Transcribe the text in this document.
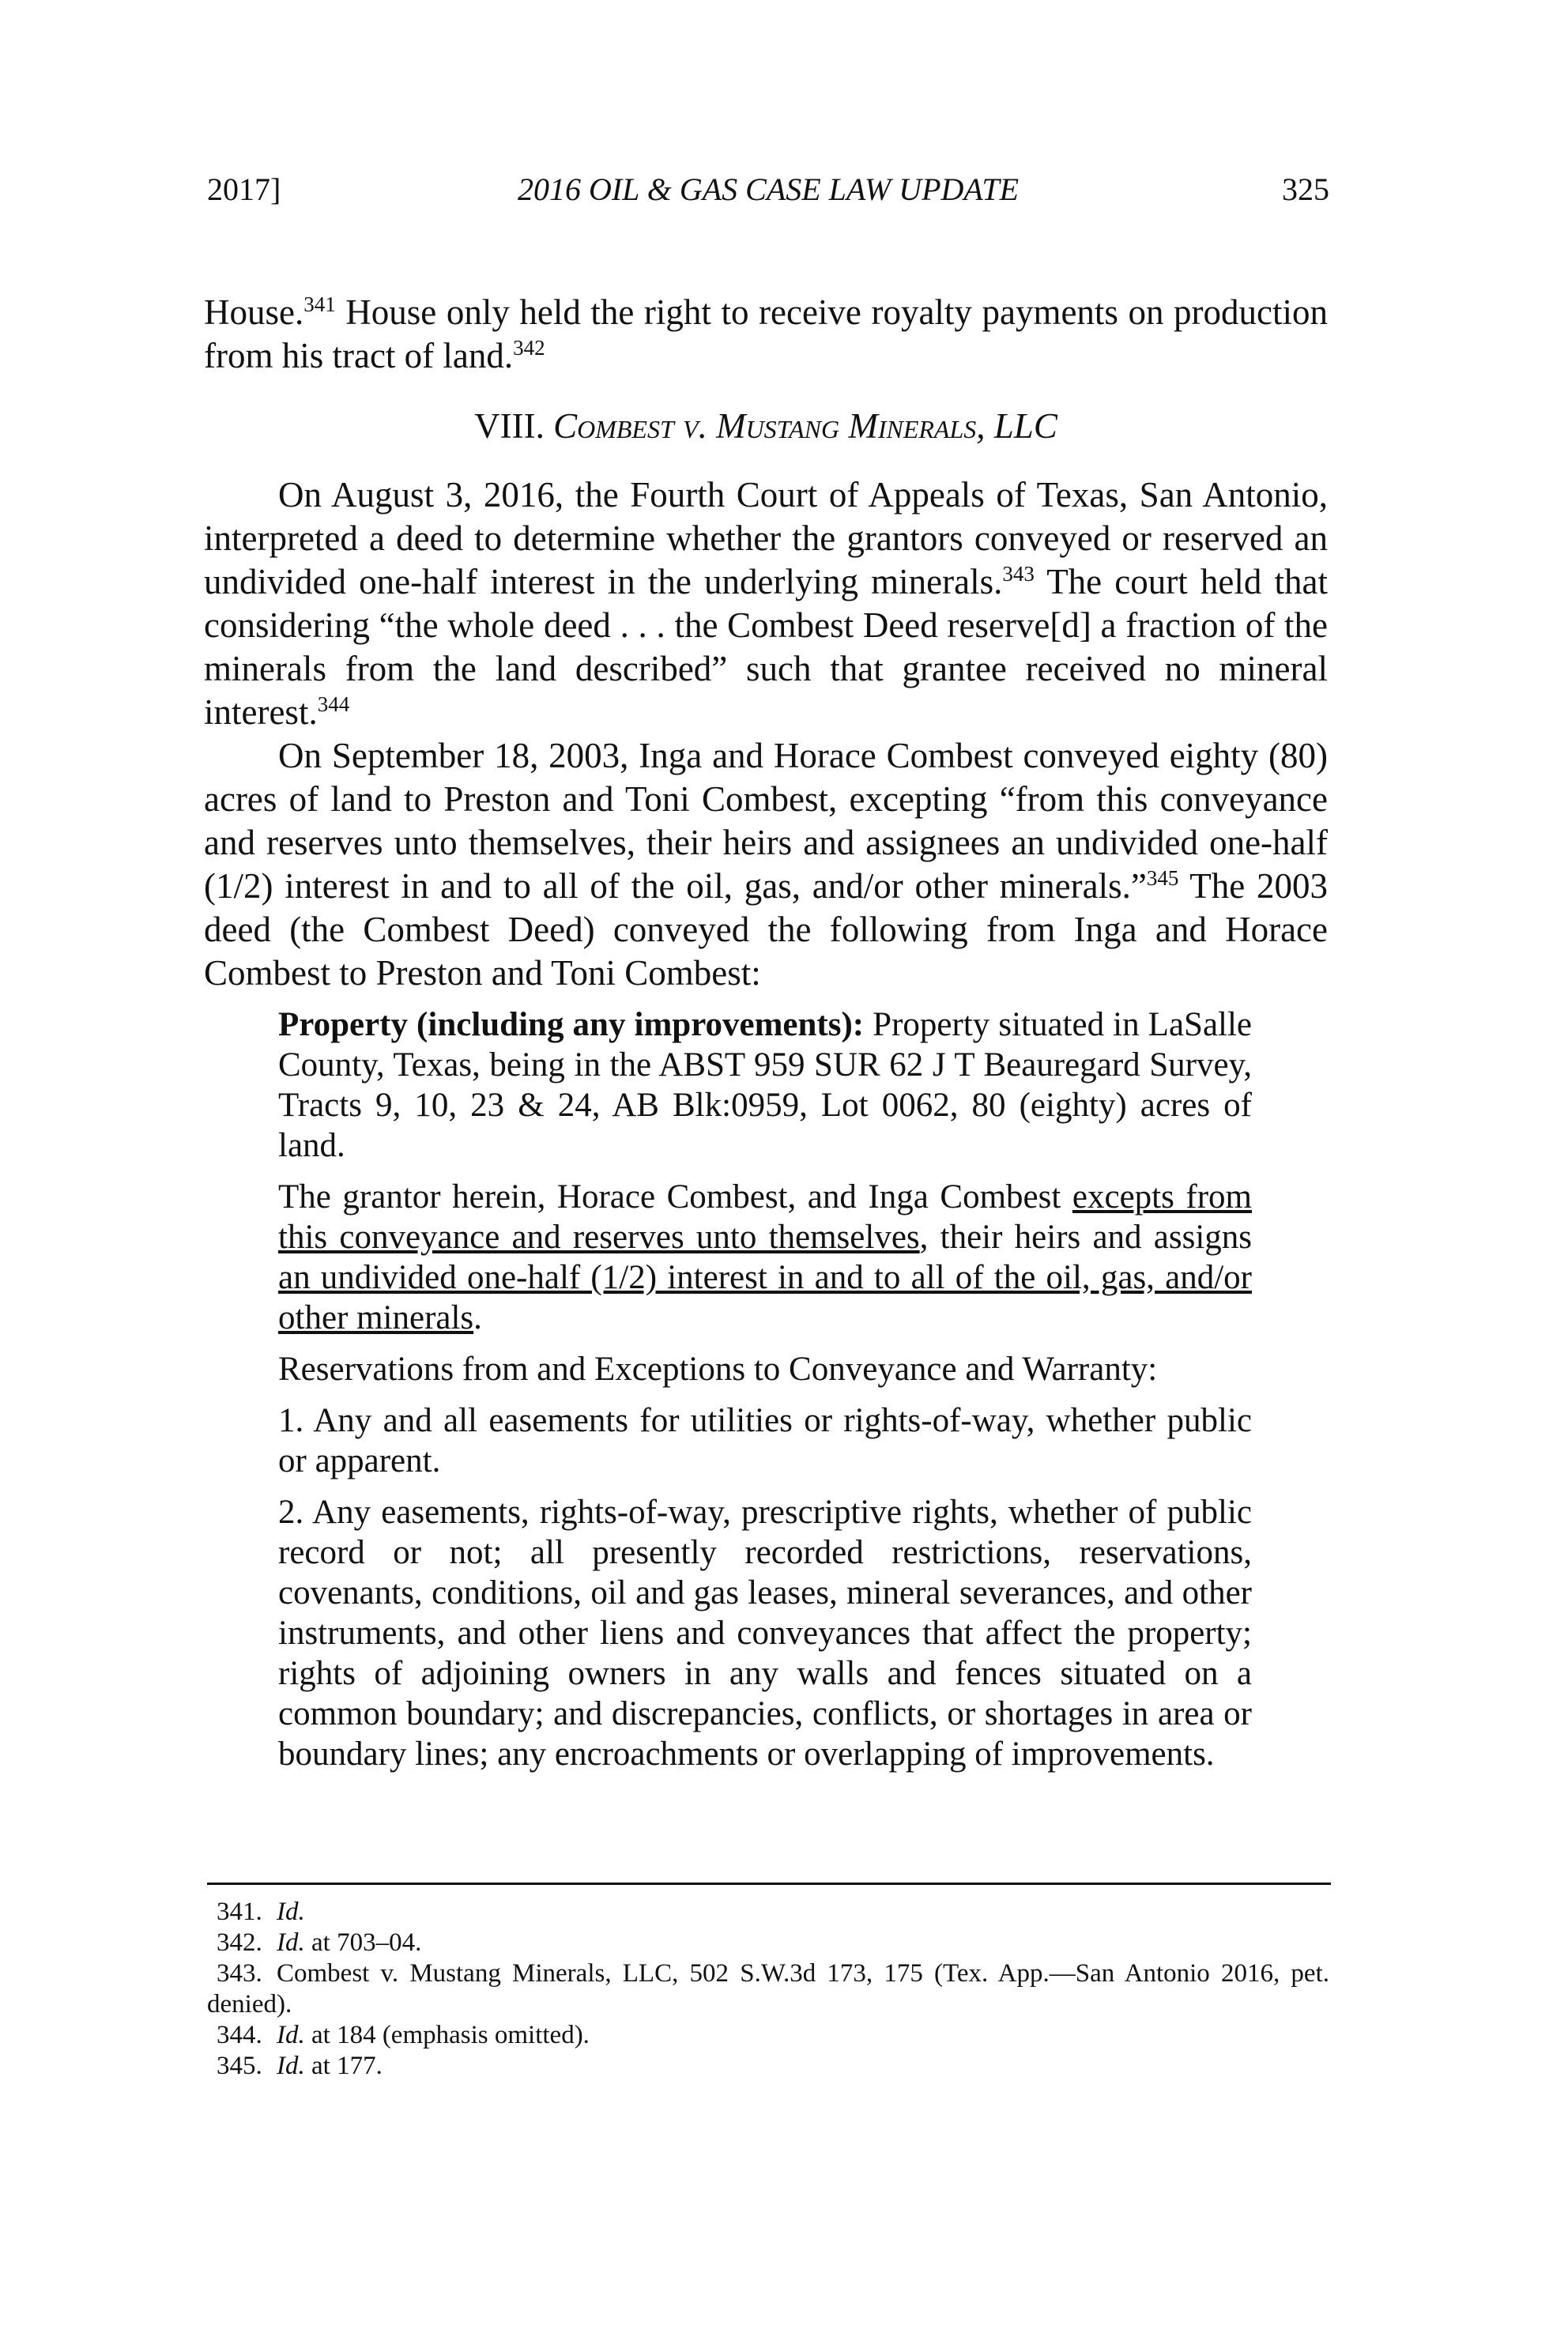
2017]	2016 OIL & GAS CASE LAW UPDATE	325

House.$^{341}$ House only held the right to receive royalty payments on production from his tract of land.$^{342}$

VIII. Combest v. Mustang Minerals, LLC

On August 3, 2016, the Fourth Court of Appeals of Texas, San Antonio, interpreted a deed to determine whether the grantors conveyed or reserved an undivided one-half interest in the underlying minerals.$^{343}$ The court held that considering “the whole deed . . . the Combest Deed reserve[d] a fraction of the minerals from the land described” such that grantee received no mineral interest.$^{344}$

On September 18, 2003, Inga and Horace Combest conveyed eighty (80) acres of land to Preston and Toni Combest, excepting “from this conveyance and reserves unto themselves, their heirs and assignees an undivided one-half (1/2) interest in and to all of the oil, gas, and/or other minerals.”$^{345}$ The 2003 deed (the Combest Deed) conveyed the following from Inga and Horace Combest to Preston and Toni Combest:

Property (including any improvements): Property situated in LaSalle County, Texas, being in the ABST 959 SUR 62 J T Beauregard Survey, Tracts 9, 10, 23 & 24, AB Blk:0959, Lot 0062, 80 (eighty) acres of land.

The grantor herein, Horace Combest, and Inga Combest excepts from this conveyance and reserves unto themselves, their heirs and assigns an undivided one-half (1/2) interest in and to all of the oil, gas, and/or other minerals.

Reservations from and Exceptions to Conveyance and Warranty:

1. Any and all easements for utilities or rights-of-way, whether public or apparent.

2. Any easements, rights-of-way, prescriptive rights, whether of public record or not; all presently recorded restrictions, reservations, covenants, conditions, oil and gas leases, mineral severances, and other instruments, and other liens and conveyances that affect the property; rights of adjoining owners in any walls and fences situated on a common boundary; and discrepancies, conflicts, or shortages in area or boundary lines; any encroachments or overlapping of improvements.

341. Id.

342. Id. at 703–04.

343. Combest v. Mustang Minerals, LLC, 502 S.W.3d 173, 175 (Tex. App.—San Antonio 2016, pet. denied).

344. Id. at 184 (emphasis omitted).

345. Id. at 177.
